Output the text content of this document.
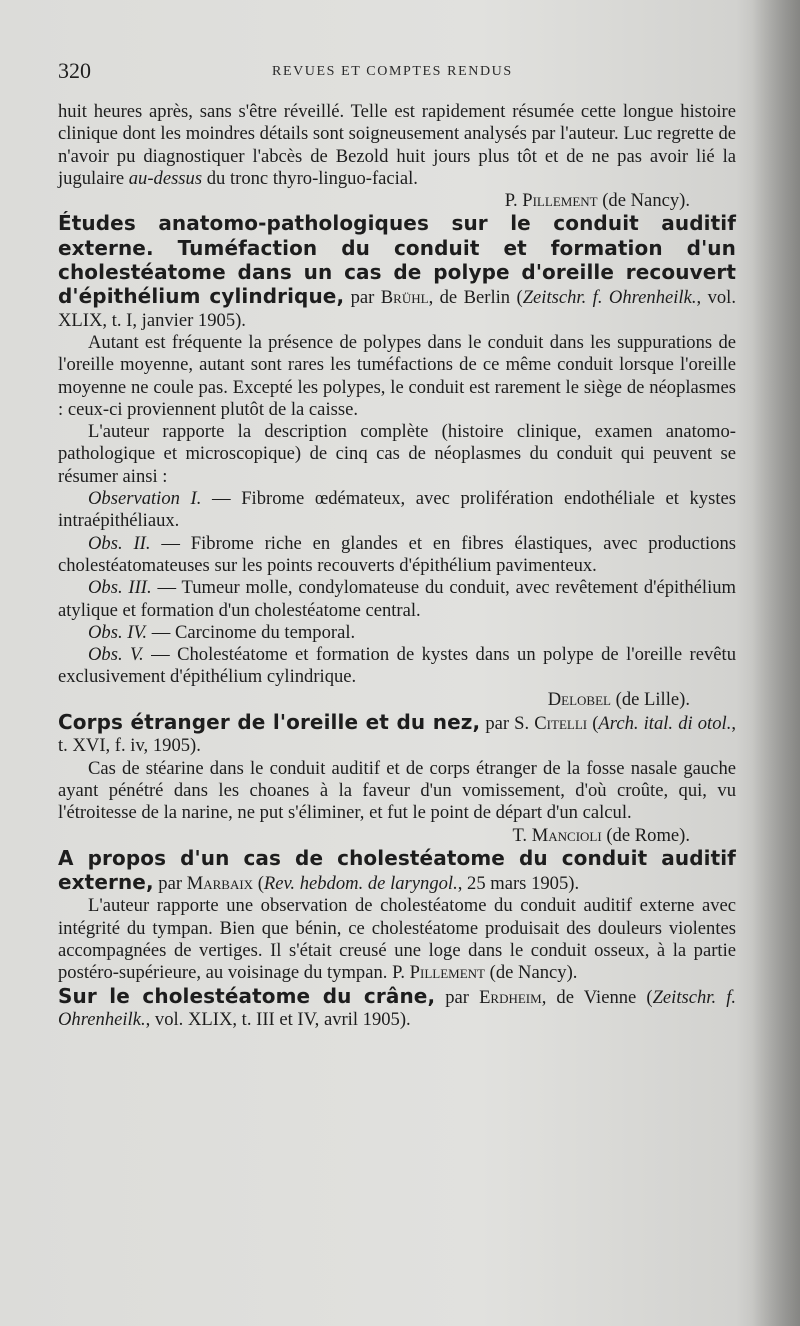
320	REVUES ET COMPTES RENDUS

huit heures après, sans s'être réveillé. Telle est rapidement résumée cette longue histoire clinique dont les moindres détails sont soigneusement analysés par l'auteur. Luc regrette de n'avoir pu diagnostiquer l'abcès de Bezold huit jours plus tôt et de ne pas avoir lié la jugulaire au-dessus du tronc thyro-linguo-facial.

P. Pillement (de Nancy).

Études anatomo-pathologiques sur le conduit auditif externe. Tuméfaction du conduit et formation d'un cholestéatome dans un cas de polype d'oreille recouvert d'épithélium cylindrique, par Brühl, de Berlin (Zeitschr. f. Ohrenheilk., vol. XLIX, t. I, janvier 1905).

Autant est fréquente la présence de polypes dans le conduit dans les suppurations de l'oreille moyenne, autant sont rares les tuméfactions de ce même conduit lorsque l'oreille moyenne ne coule pas. Excepté les polypes, le conduit est rarement le siège de néoplasmes : ceux-ci proviennent plutôt de la caisse.

L'auteur rapporte la description complète (histoire clinique, examen anatomo-pathologique et microscopique) de cinq cas de néoplasmes du conduit qui peuvent se résumer ainsi :

Observation I. — Fibrome œdémateux, avec prolifération endothéliale et kystes intraépithéliaux.

Obs. II. — Fibrome riche en glandes et en fibres élastiques, avec productions cholestéatomateuses sur les points recouverts d'épithélium pavimenteux.

Obs. III. — Tumeur molle, condylomateuse du conduit, avec revêtement d'épithélium atylique et formation d'un cholestéatome central.

Obs. IV. — Carcinome du temporal.

Obs. V. — Cholestéatome et formation de kystes dans un polype de l'oreille revêtu exclusivement d'épithélium cylindrique.

Delobel (de Lille).

Corps étranger de l'oreille et du nez, par S. Citelli (Arch. ital. di otol., t. XVI, f. iv, 1905).

Cas de stéarine dans le conduit auditif et de corps étranger de la fosse nasale gauche ayant pénétré dans les choanes à la faveur d'un vomissement, d'où croûte, qui, vu l'étroitesse de la narine, ne put s'éliminer, et fut le point de départ d'un calcul.

T. Mancioli (de Rome).

A propos d'un cas de cholestéatome du conduit auditif externe, par Marbaix (Rev. hebdom. de laryngol., 25 mars 1905).

L'auteur rapporte une observation de cholestéatome du conduit auditif externe avec intégrité du tympan. Bien que bénin, ce cholestéatome produisait des douleurs violentes accompagnées de vertiges. Il s'était creusé une loge dans le conduit osseux, à la partie postéro-supérieure, au voisinage du tympan. P. Pillement (de Nancy).

Sur le cholestéatome du crâne, par Erdheim, de Vienne (Zeitschr. f. Ohrenheilk., vol. XLIX, t. III et IV, avril 1905).
